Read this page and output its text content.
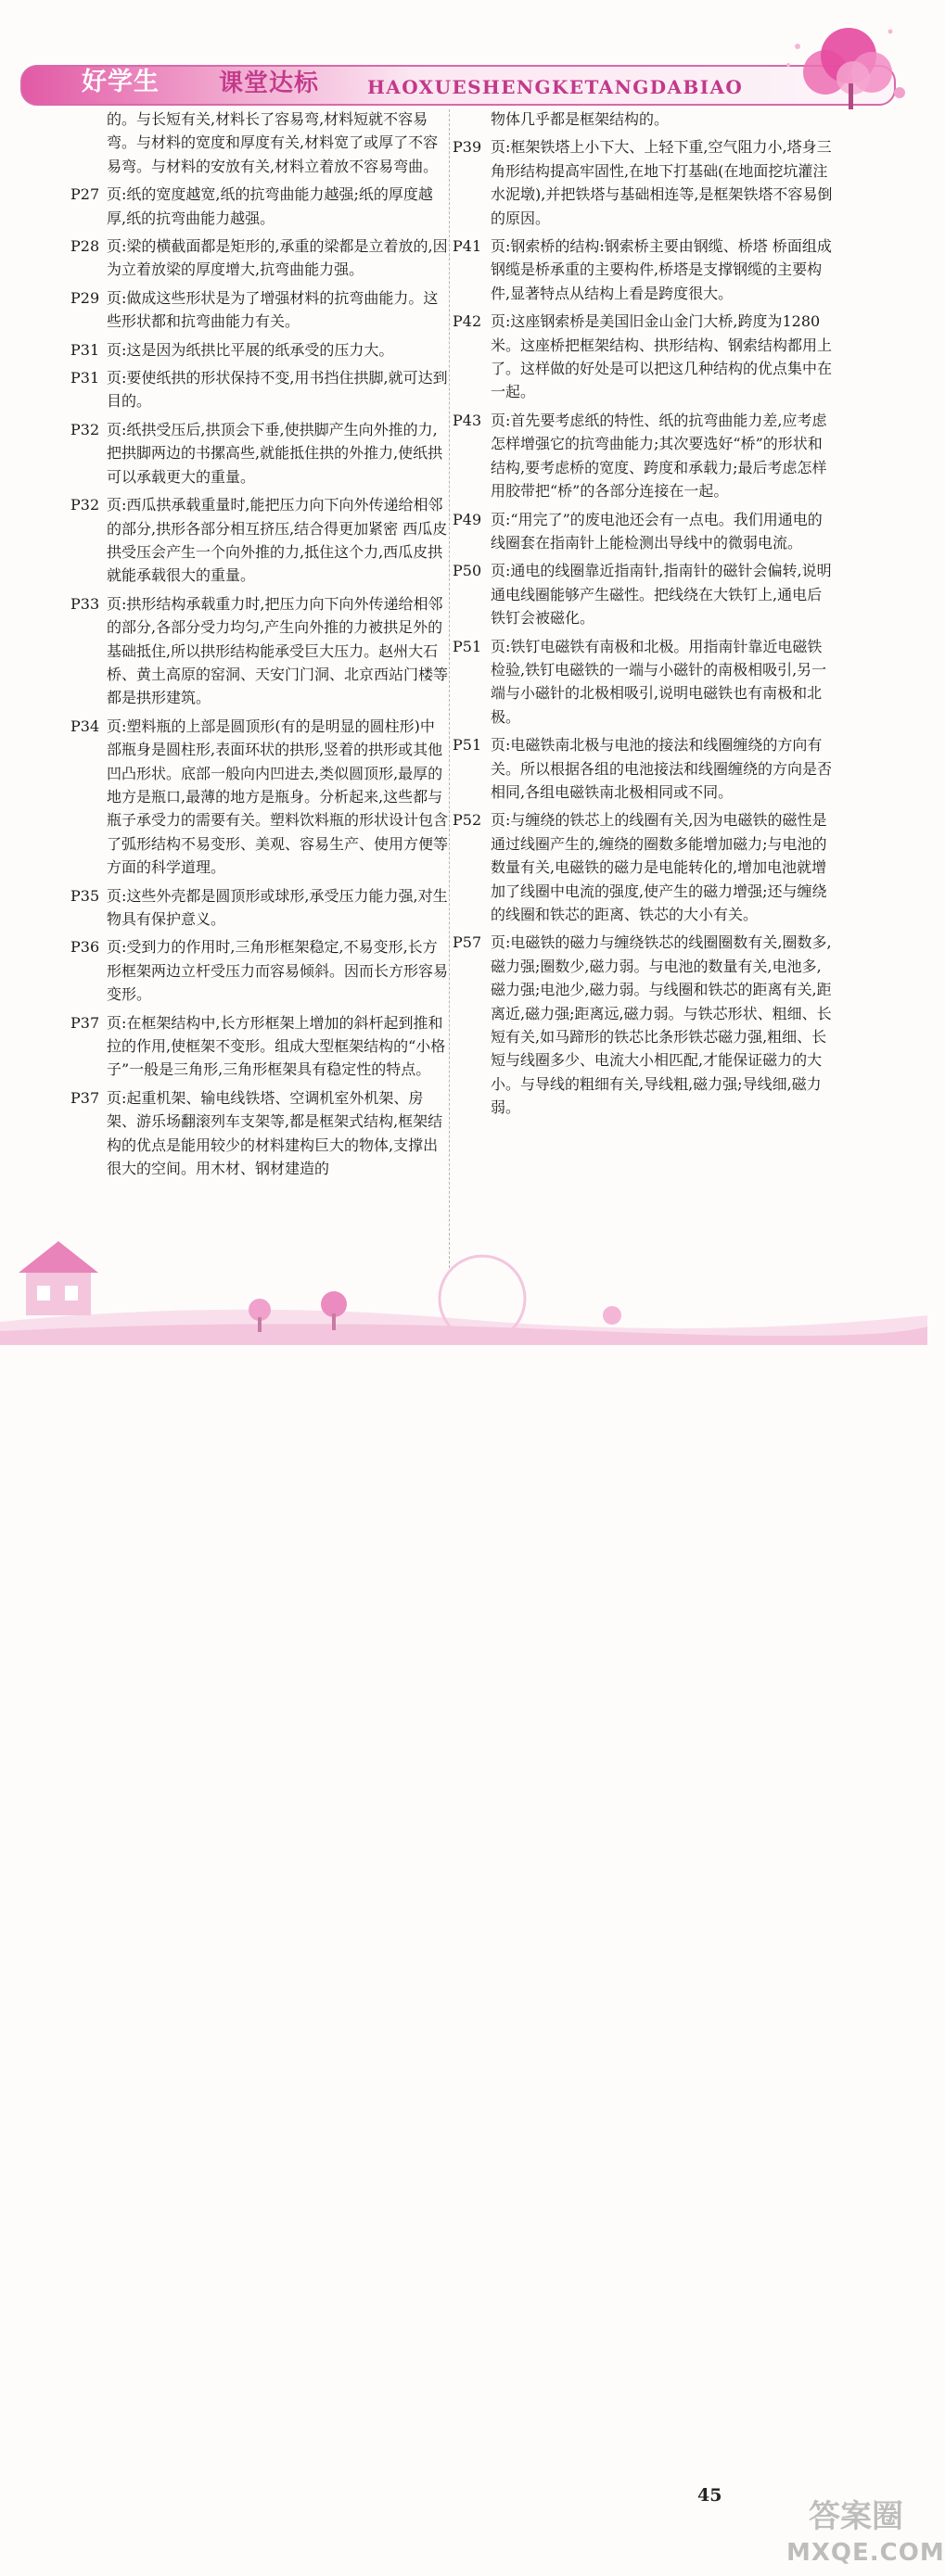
好学生 课堂达标	HAOXUESHENGKETANGDABIAO
的。与长短有关,材料长了容易弯,材料短就不容易弯。与材料的宽度和厚度有关,材料宽了或厚了不容易弯。与材料的安放有关,材料立着放不容易弯曲。
P27 页:纸的宽度越宽,纸的抗弯曲能力越强;纸的厚度越厚,纸的抗弯曲能力越强。
P28 页:梁的横截面都是矩形的,承重的梁都是立着放的,因为立着放梁的厚度增大,抗弯曲能力强。
P29 页:做成这些形状是为了增强材料的抗弯曲能力。这些形状都和抗弯曲能力有关。
P31 页:这是因为纸拱比平展的纸承受的压力大。
P31 页:要使纸拱的形状保持不变,用书挡住拱脚,就可达到目的。
P32 页:纸拱受压后,拱顶会下垂,使拱脚产生向外推的力,把拱脚两边的书摞高些,就能抵住拱的外推力,使纸拱可以承载更大的重量。
P32 页:西瓜拱承载重量时,能把压力向下向外传递给相邻的部分,拱形各部分相互挤压,结合得更加紧密 西瓜皮拱受压会产生一个向外推的力,抵住这个力,西瓜皮拱就能承载很大的重量。
P33 页:拱形结构承载重力时,把压力向下向外传递给相邻的部分,各部分受力均匀,产生向外推的力被拱足外的基础抵住,所以拱形结构能承受巨大压力。赵州大石桥、黄土高原的窑洞、天安门门洞、北京西站门楼等都是拱形建筑。
P34 页:塑料瓶的上部是圆顶形(有的是明显的圆柱形)中部瓶身是圆柱形,表面环状的拱形,竖着的拱形或其他凹凸形状。底部一般向内凹进去,类似圆顶形,最厚的地方是瓶口,最薄的地方是瓶身。分析起来,这些都与瓶子承受力的需要有关。塑料饮料瓶的形状设计包含了弧形结构不易变形、美观、容易生产、使用方便等方面的科学道理。
P35 页:这些外壳都是圆顶形或球形,承受压力能力强,对生物具有保护意义。
P36 页:受到力的作用时,三角形框架稳定,不易变形,长方形框架两边立杆受压力而容易倾斜。因而长方形容易变形。
P37 页:在框架结构中,长方形框架上增加的斜杆起到推和拉的作用,使框架不变形。组成大型框架结构的“小格子”一般是三角形,三角形框架具有稳定性的特点。
P37 页:起重机架、输电线铁塔、空调机室外机架、房架、游乐场翻滚列车支架等,都是框架式结构,框架结构的优点是能用较少的材料建构巨大的物体,支撑出很大的空间。用木材、钢材建造的
物体几乎都是框架结构的。
P39 页:框架铁塔上小下大、上轻下重,空气阻力小,塔身三角形结构提高牢固性,在地下打基础(在地面挖坑灌注水泥墩),并把铁塔与基础相连等,是框架铁塔不容易倒的原因。
P41 页:钢索桥的结构:钢索桥主要由钢缆、桥塔 桥面组成钢缆是桥承重的主要构件,桥塔是支撑钢缆的主要构件,显著特点从结构上看是跨度很大。
P42 页:这座钢索桥是美国旧金山金门大桥,跨度为1280米。这座桥把框架结构、拱形结构、钢索结构都用上了。这样做的好处是可以把这几种结构的优点集中在一起。
P43 页:首先要考虑纸的特性、纸的抗弯曲能力差,应考虑怎样增强它的抗弯曲能力;其次要选好“桥”的形状和结构,要考虑桥的宽度、跨度和承载力;最后考虑怎样用胶带把“桥”的各部分连接在一起。
P49 页:“用完了”的废电池还会有一点电。我们用通电的线圈套在指南针上能检测出导线中的微弱电流。
P50 页:通电的线圈靠近指南针,指南针的磁针会偏转,说明通电线圈能够产生磁性。把线绕在大铁钉上,通电后铁钉会被磁化。
P51 页:铁钉电磁铁有南极和北极。用指南针靠近电磁铁检验,铁钉电磁铁的一端与小磁针的南极相吸引,另一端与小磁针的北极相吸引,说明电磁铁也有南极和北极。
P51 页:电磁铁南北极与电池的接法和线圈缠绕的方向有关。所以根据各组的电池接法和线圈缠绕的方向是否相同,各组电磁铁南北极相同或不同。
P52 页:与缠绕的铁芯上的线圈有关,因为电磁铁的磁性是通过线圈产生的,缠绕的圈数多能增加磁力;与电池的数量有关,电磁铁的磁力是电能转化的,增加电池就增加了线圈中电流的强度,使产生的磁力增强;还与缠绕的线圈和铁芯的距离、铁芯的大小有关。
P57 页:电磁铁的磁力与缠绕铁芯的线圈圈数有关,圈数多,磁力强;圈数少,磁力弱。与电池的数量有关,电池多,磁力强;电池少,磁力弱。与线圈和铁芯的距离有关,距离近,磁力强;距离远,磁力弱。与铁芯形状、粗细、长短有关,如马蹄形的铁芯比条形铁芯磁力强,粗细、长短与线圈多少、电流大小相匹配,才能保证磁力的大小。与导线的粗细有关,导线粗,磁力强;导线细,磁力弱。
45
答案圈
MXQE.COM
